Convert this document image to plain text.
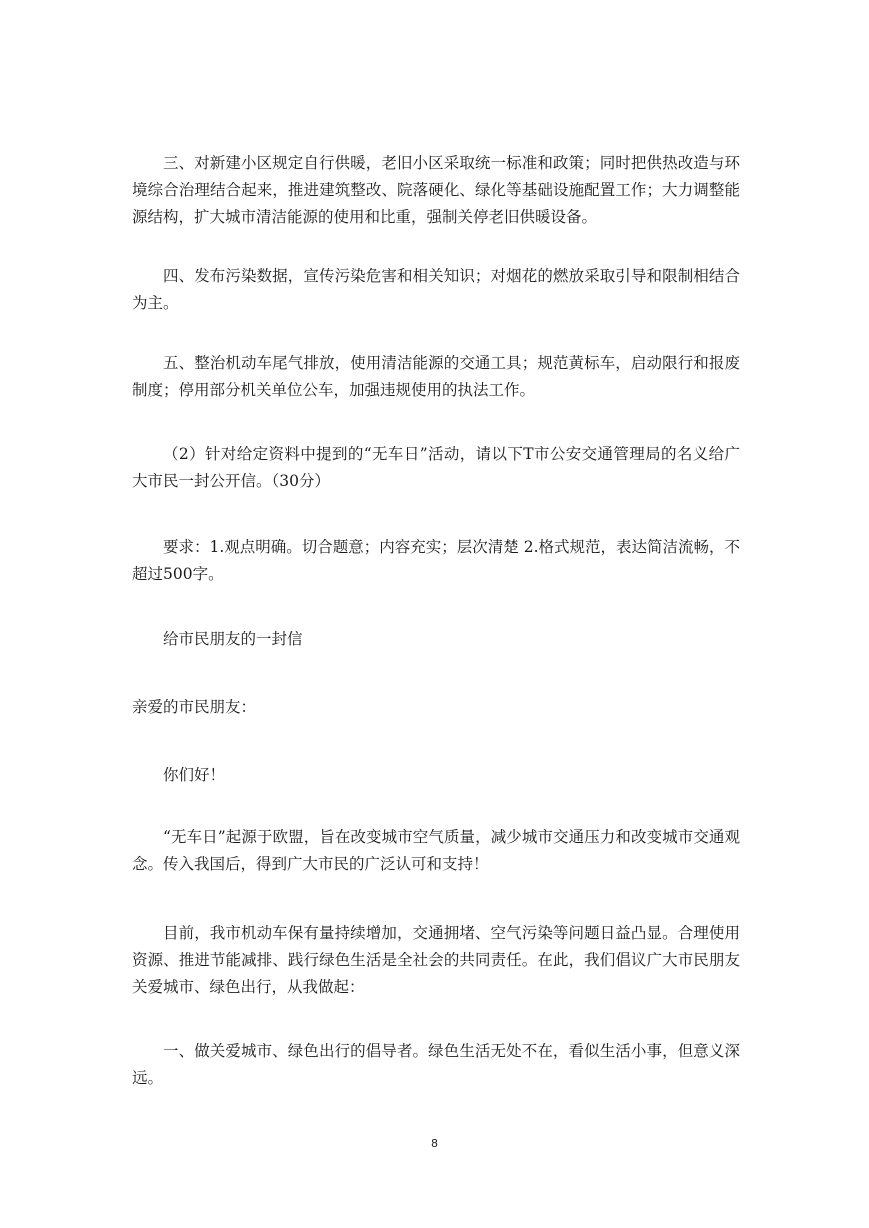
三、对新建小区规定自行供暖，老旧小区采取统一标准和政策；同时把供热改造与环境综合治理结合起来，推进建筑整改、院落硬化、绿化等基础设施配置工作；大力调整能源结构，扩大城市清洁能源的使用和比重，强制关停老旧供暖设备。

四、发布污染数据，宣传污染危害和相关知识；对烟花的燃放采取引导和限制相结合为主。

五、整治机动车尾气排放，使用清洁能源的交通工具；规范黄标车，启动限行和报废制度；停用部分机关单位公车，加强违规使用的执法工作。

（2）针对给定资料中提到的“无车日”活动，请以下T市公安交通管理局的名义给广大市民一封公开信。（30分）

要求：1.观点明确。切合题意；内容充实；层次清楚 2.格式规范，表达简洁流畅，不超过500字。

给市民朋友的一封信

亲爱的市民朋友：

你们好！

“无车日”起源于欧盟，旨在改变城市空气质量，减少城市交通压力和改变城市交通观念。传入我国后，得到广大市民的广泛认可和支持！

目前，我市机动车保有量持续增加，交通拥堵、空气污染等问题日益凸显。合理使用资源、推进节能减排、践行绿色生活是全社会的共同责任。在此，我们倡议广大市民朋友关爱城市、绿色出行，从我做起：

一、做关爱城市、绿色出行的倡导者。绿色生活无处不在，看似生活小事，但意义深远。

8
